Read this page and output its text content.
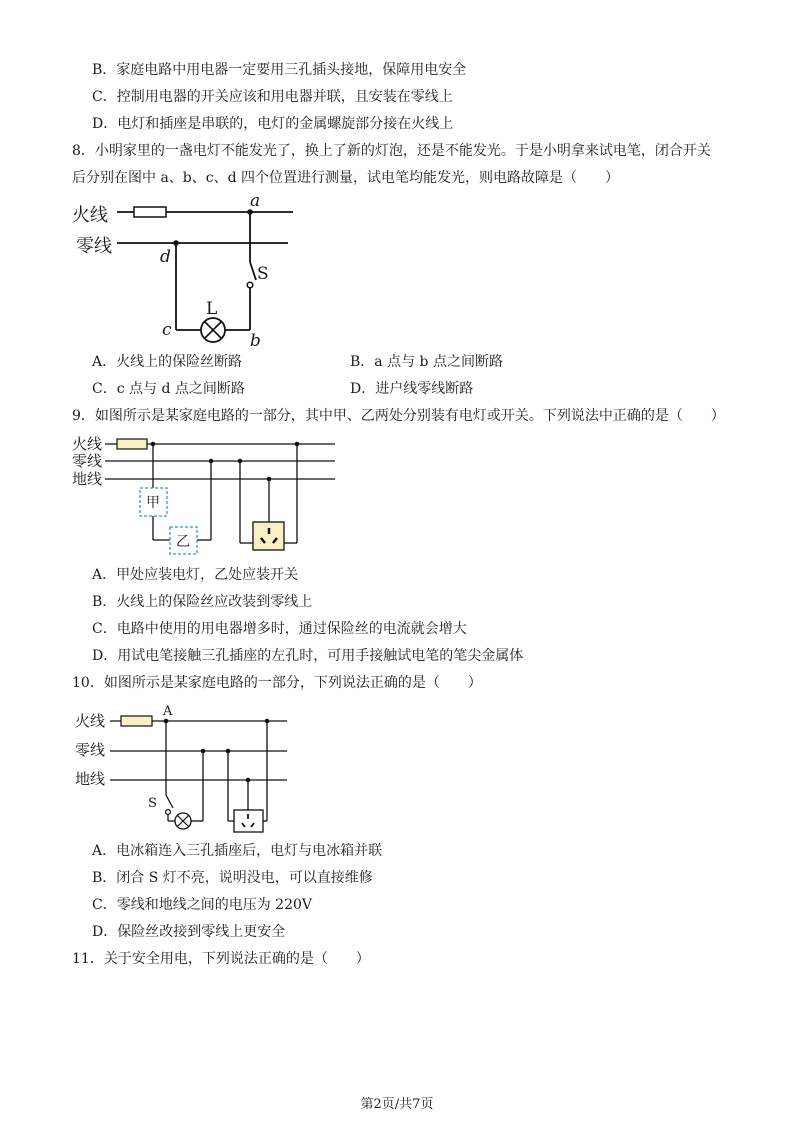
B．家庭电路中用电器一定要用三孔插头接地，保障用电安全
C．控制用电器的开关应该和用电器并联，且安装在零线上
D．电灯和插座是串联的，电灯的金属螺旋部分接在火线上
8．小明家里的一盏电灯不能发光了，换上了新的灯泡，还是不能发光。于是小明拿来试电笔，闭合开关
后分别在图中 a、b、c、d 四个位置进行测量，试电笔均能发光，则电路故障是（　　）
火线
零线
a
d
S
L
c
b
A．火线上的保险丝断路	B．a 点与 b 点之间断路
C．c 点与 d 点之间断路	D．进户线零线断路
9．如图所示是某家庭电路的一部分，其中甲、乙两处分别装有电灯或开关。下列说法中正确的是（　　）
火线
零线
地线
甲
乙
A．甲处应装电灯，乙处应装开关
B．火线上的保险丝应改装到零线上
C．电路中使用的用电器增多时，通过保险丝的电流就会增大
D．用试电笔接触三孔插座的左孔时，可用手接触试电笔的笔尖金属体
10．如图所示是某家庭电路的一部分，下列说法正确的是（　　）
火线
零线
地线
A
S
A．电冰箱连入三孔插座后，电灯与电冰箱并联
B．闭合 S 灯不亮，说明没电，可以直接维修
C．零线和地线之间的电压为 220V
D．保险丝改接到零线上更安全
11．关于安全用电，下列说法正确的是（　　）
第2页/共7页
